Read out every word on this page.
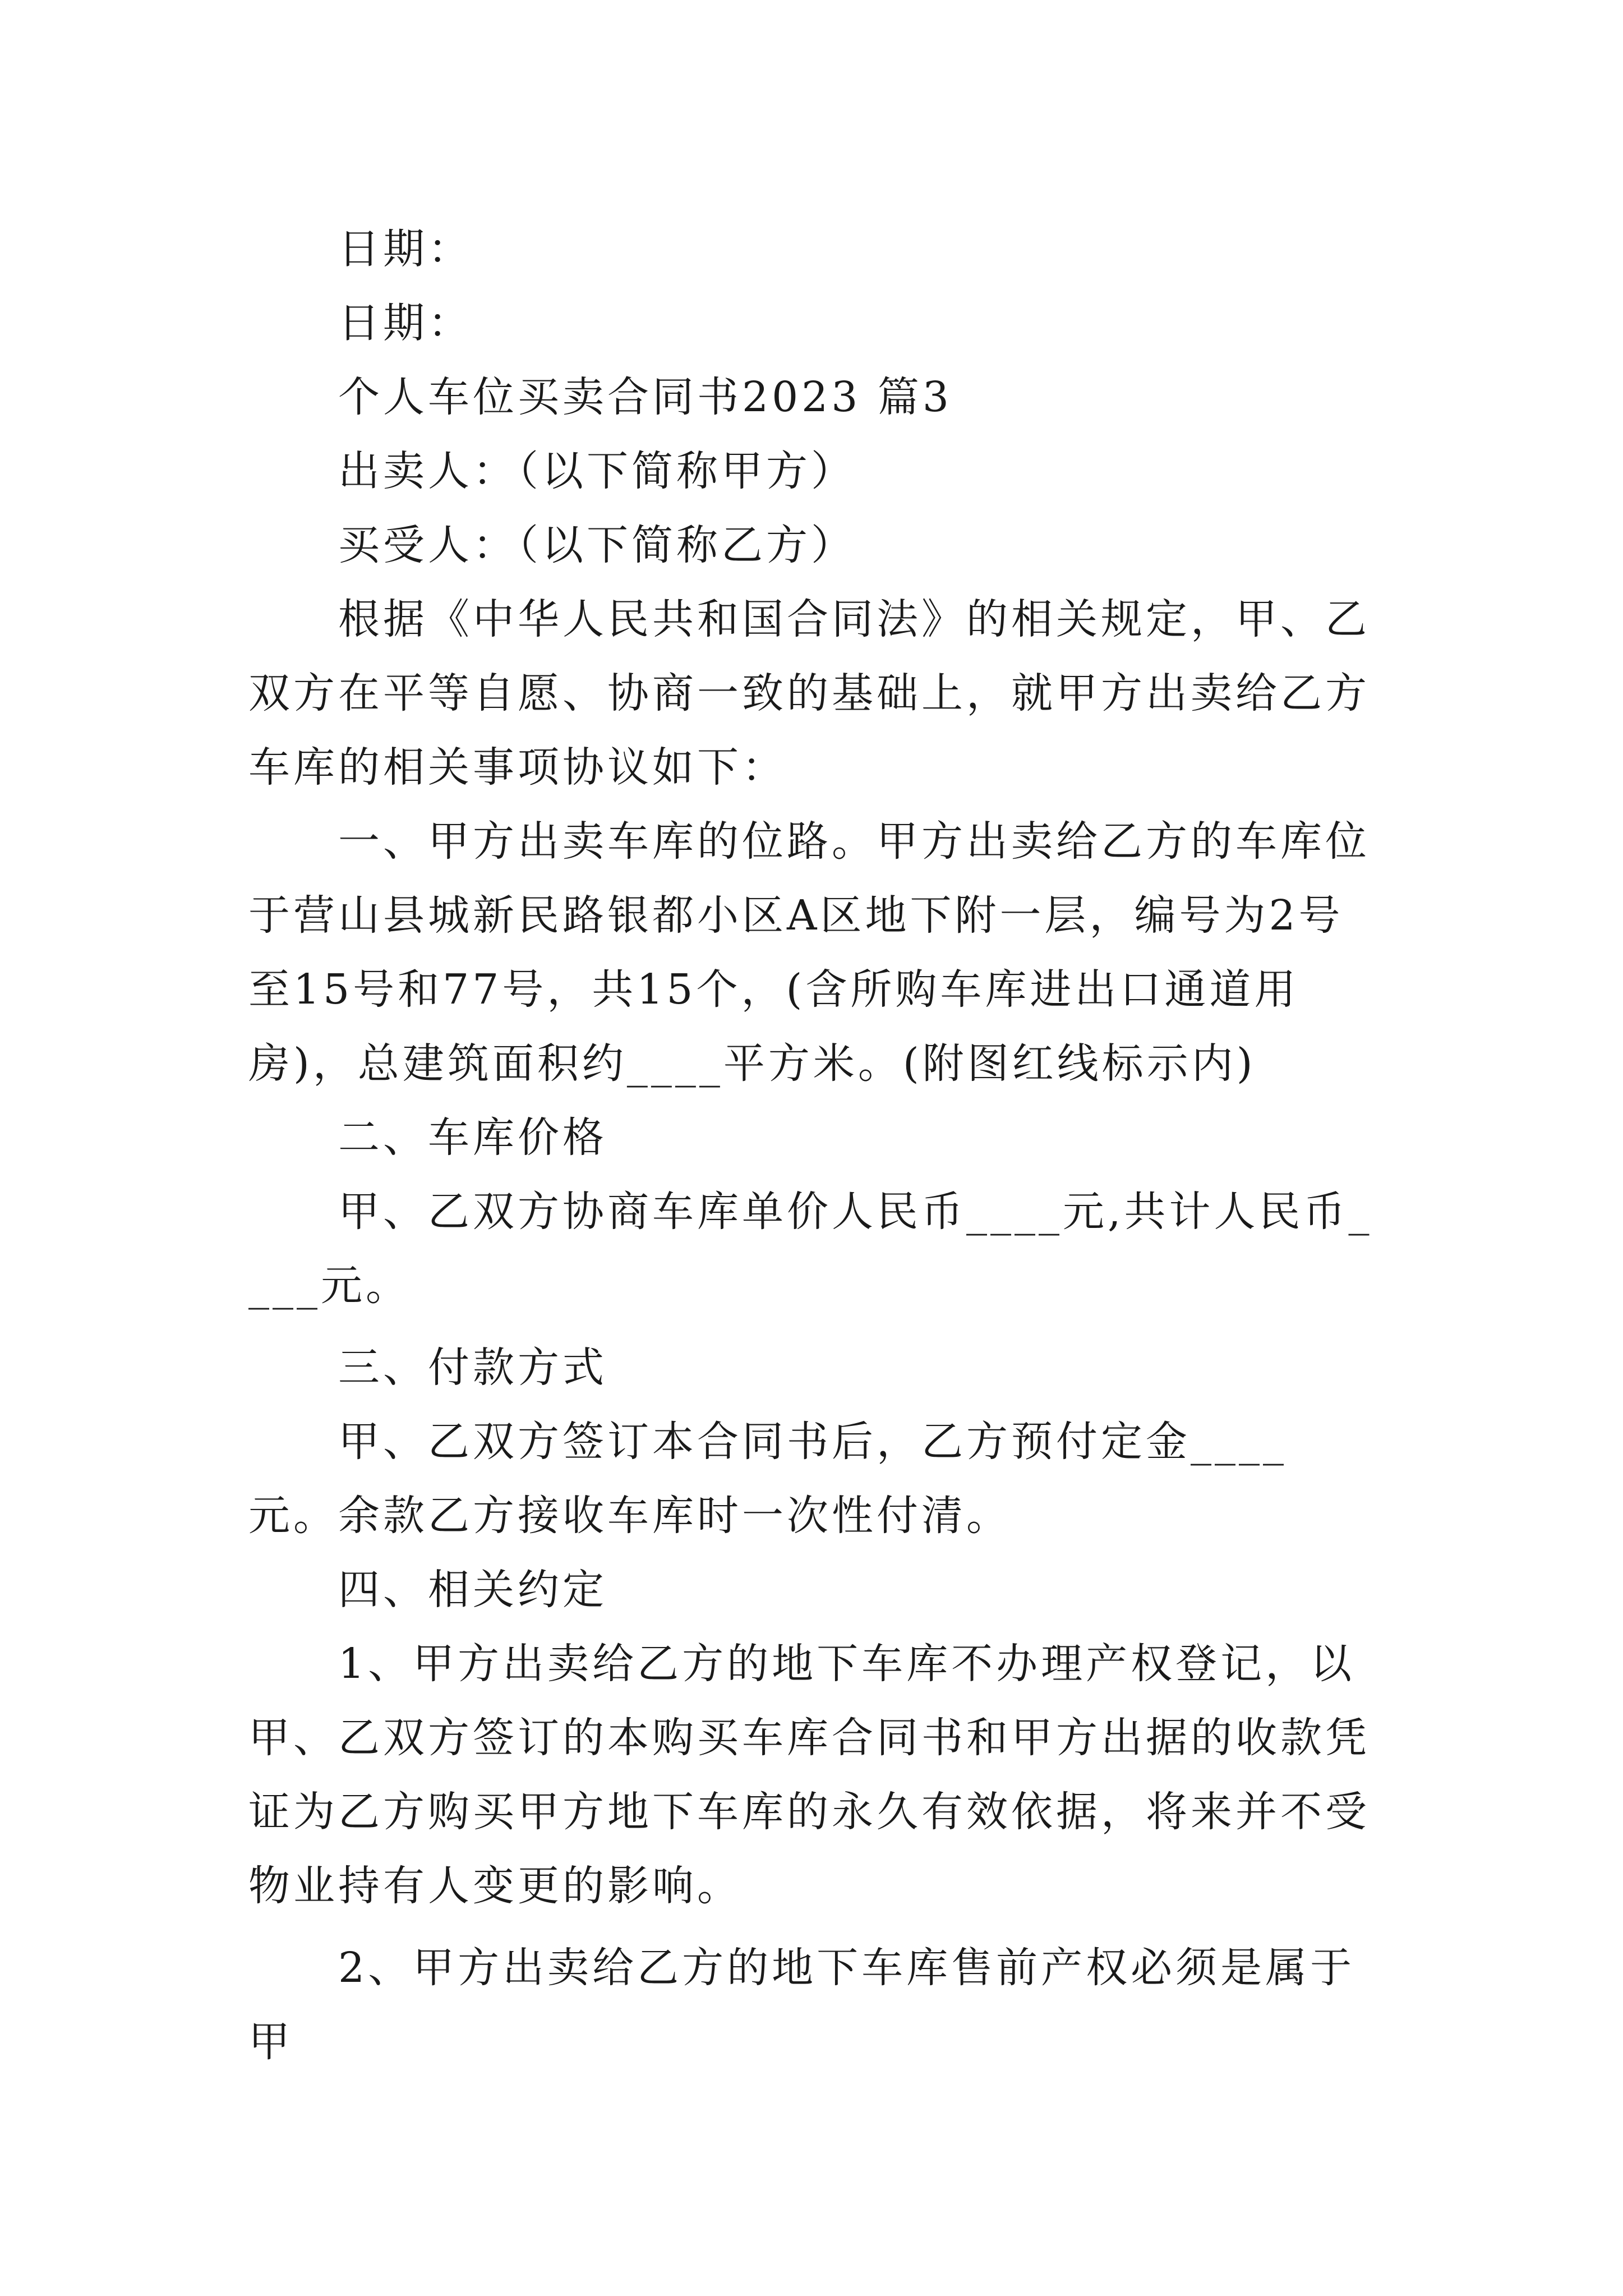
日期：

日期：

个人车位买卖合同书2023 篇3

出卖人：（以下简称甲方）

买受人：（以下简称乙方）

根据《中华人民共和国合同法》的相关规定，甲、乙双方在平等自愿、协商一致的基础上，就甲方出卖给乙方车库的相关事项协议如下：

一、甲方出卖车库的位路。甲方出卖给乙方的车库位于营山县城新民路银都小区A区地下附一层，编号为2号至15号和77号，共15个，(含所购车库进出口通道用房)，总建筑面积约____平方米。(附图红线标示内)

二、车库价格

甲、乙双方协商车库单价人民币____元,共计人民币____元。

三、付款方式

甲、乙双方签订本合同书后，乙方预付定金____元。余款乙方接收车库时一次性付清。

四、相关约定

1、甲方出卖给乙方的地下车库不办理产权登记，以甲、乙双方签订的本购买车库合同书和甲方出据的收款凭证为乙方购买甲方地下车库的永久有效依据，将来并不受物业持有人变更的影响。

2、甲方出卖给乙方的地下车库售前产权必须是属于甲
